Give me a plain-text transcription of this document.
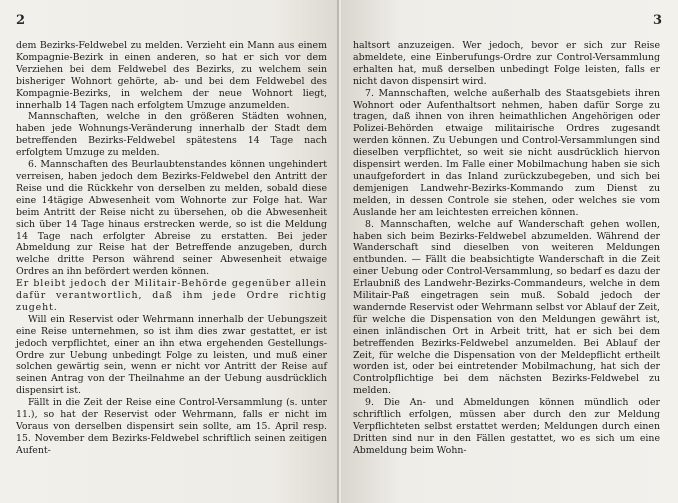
2

dem Bezirks-Feldwebel zu melden. Verzieht ein Mann aus einem Kompagnie-Bezirk in einen anderen, so hat er sich vor dem Verziehen bei dem Feldwebel des Bezirks, zu welchem sein bisheriger Wohnort gehörte, ab- und bei dem Feldwebel des Kompagnie-Bezirks, in welchem der neue Wohnort liegt, innerhalb 14 Tagen nach erfolgtem Umzuge anzumelden.

Mannschaften, welche in den größeren Städten wohnen, haben jede Wohnungs-Veränderung innerhalb der Stadt dem betreffenden Bezirks-Feldwebel spätestens 14 Tage nach erfolgtem Umzuge zu melden.

6. Mannschaften des Beurlaubtenstandes können ungehindert verreisen, haben jedoch dem Bezirks-Feldwebel den Antritt der Reise und die Rückkehr von derselben zu melden, sobald diese eine 14tägige Abwesenheit vom Wohnorte zur Folge hat. War beim Antritt der Reise nicht zu übersehen, ob die Abwesenheit sich über 14 Tage hinaus erstrecken werde, so ist die Meldung 14 Tage nach erfolgter Abreise zu erstatten. Bei jeder Abmeldung zur Reise hat der Betreffende anzugeben, durch welche dritte Person während seiner Abwesenheit etwaige Ordres an ihn befördert werden können.

Er bleibt jedoch der Militair-Behörde gegenüber allein dafür verantwortlich, daß ihm jede Ordre richtig zugeht.

Will ein Reservist oder Wehrmann innerhalb der Uebungszeit eine Reise unternehmen, so ist ihm dies zwar gestattet, er ist jedoch verpflichtet, einer an ihn etwa ergehenden Gestellungs-Ordre zur Uebung unbedingt Folge zu leisten, und muß einer solchen gewärtig sein, wenn er nicht vor Antritt der Reise auf seinen Antrag von der Theilnahme an der Uebung ausdrücklich dispensirt ist.

Fällt in die Zeit der Reise eine Control-Versammlung (s. unter 11.), so hat der Reservist oder Wehrmann, falls er nicht im Voraus von derselben dispensirt sein sollte, am 15. April resp. 15. November dem Bezirks-Feldwebel schriftlich seinen zeitigen Aufent-

3

haltsort anzuzeigen. Wer jedoch, bevor er sich zur Reise abmeldete, eine Einberufungs-Ordre zur Control-Versammlung erhalten hat, muß derselben unbedingt Folge leisten, falls er nicht davon dispensirt wird.

7. Mannschaften, welche außerhalb des Staatsgebiets ihren Wohnort oder Aufenthaltsort nehmen, haben dafür Sorge zu tragen, daß ihnen von ihren heimathlichen Angehörigen oder Polizei-Behörden etwaige militairische Ordres zugesandt werden können. Zu Uebungen und Control-Versammlungen sind dieselben verpflichtet, so weit sie nicht ausdrücklich hiervon dispensirt werden. Im Falle einer Mobilmachung haben sie sich unaufgefordert in das Inland zurückzubegeben, und sich bei demjenigen Landwehr-Bezirks-Kommando zum Dienst zu melden, in dessen Controle sie stehen, oder welches sie vom Auslande her am leichtesten erreichen können.

8. Mannschaften, welche auf Wanderschaft gehen wollen, haben sich beim Bezirks-Feldwebel abzumelden. Während der Wanderschaft sind dieselben von weiteren Meldungen entbunden. — Fällt die beabsichtigte Wanderschaft in die Zeit einer Uebung oder Control-Versammlung, so bedarf es dazu der Erlaubniß des Landwehr-Bezirks-Commandeurs, welche in dem Militair-Paß eingetragen sein muß. Sobald jedoch der wandernde Reservist oder Wehrmann selbst vor Ablauf der Zeit, für welche die Dispensation von den Meldungen gewährt ist, einen inländischen Ort in Arbeit tritt, hat er sich bei dem betreffenden Bezirks-Feldwebel anzumelden. Bei Ablauf der Zeit, für welche die Dispensation von der Meldepflicht ertheilt worden ist, oder bei eintretender Mobilmachung, hat sich der Controlpflichtige bei dem nächsten Bezirks-Feldwebel zu melden.

9. Die An- und Abmeldungen können mündlich oder schriftlich erfolgen, müssen aber durch den zur Meldung Verpflichteten selbst erstattet werden; Meldungen durch einen Dritten sind nur in den Fällen gestattet, wo es sich um eine Abmeldung beim Wohn-
